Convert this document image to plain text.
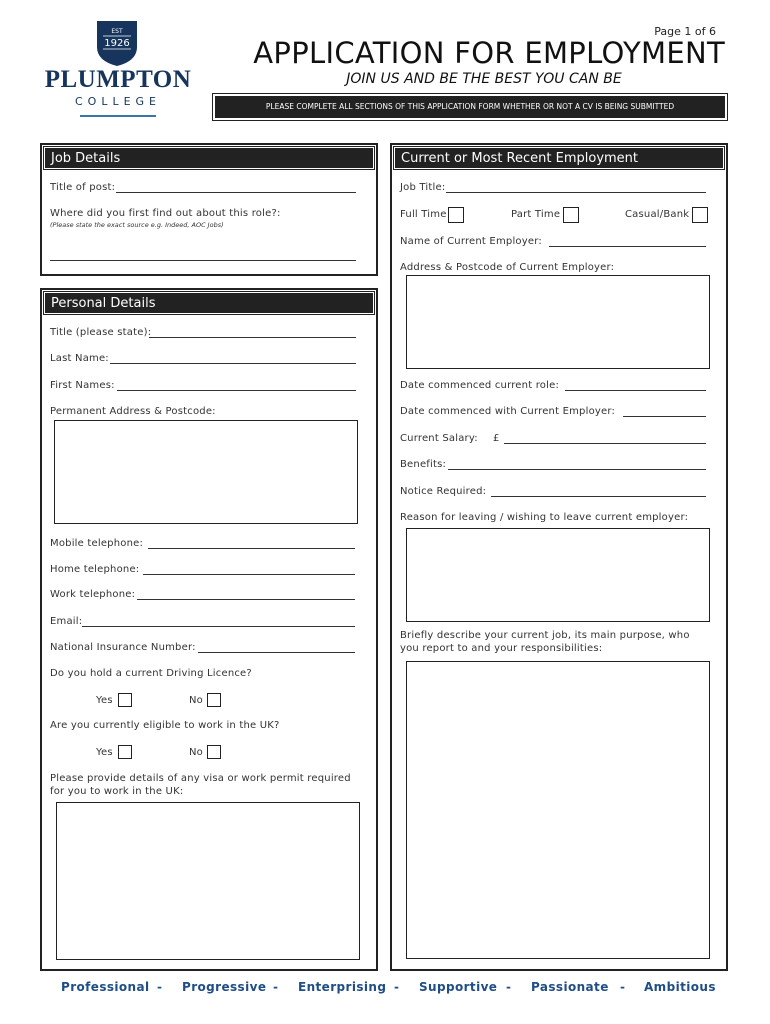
EST
1926
PLUMPTON
COLLEGE
Page 1 of 6
APPLICATION FOR EMPLOYMENT
JOIN US AND BE THE BEST YOU CAN BE
PLEASE COMPLETE ALL SECTIONS OF THIS APPLICATION FORM WHETHER OR NOT A CV IS BEING SUBMITTED
Job Details
Title of post:
Where did you first find out about this role?:
(Please state the exact source e.g. Indeed, AOC Jobs)
Personal Details
Title (please state):
Last Name:
First Names:
Permanent Address & Postcode:
Mobile telephone:
Home telephone:
Work telephone:
Email:
National Insurance Number:
Do you hold a current Driving Licence?
Yes	No
Are you currently eligible to work in the UK?
Yes	No
Please provide details of any visa or work permit required
for you to work in the UK:
Current or Most Recent Employment
Job Title:
Full Time	Part Time	Casual/Bank
Name of Current Employer:
Address & Postcode of Current Employer:
Date commenced current role:
Date commenced with Current Employer:
Current Salary: £
Benefits:
Notice Required:
Reason for leaving / wishing to leave current employer:
Briefly describe your current job, its main purpose, who
you report to and your responsibilities:
Professional - Progressive - Enterprising - Supportive - Passionate - Ambitious
